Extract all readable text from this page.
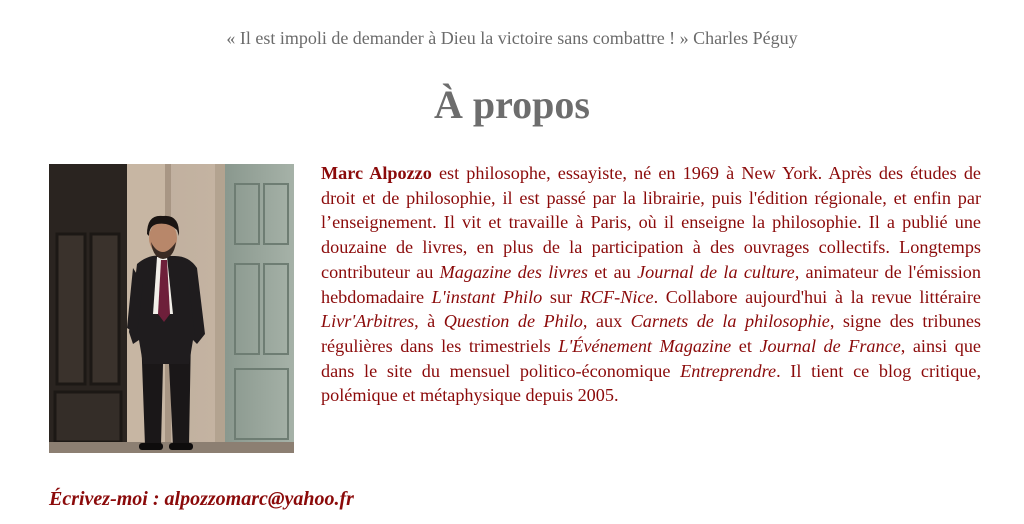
« Il est impoli de demander à Dieu la victoire sans combattre ! » Charles Péguy
À propos

Marc Alpozzo est philosophe, essayiste, né en 1969 à New York. Après des études de droit et de philosophie, il est passé par la librairie, puis l'édition régionale, et enfin par l’enseignement. Il vit et travaille à Paris, où il enseigne la philosophie. Il a publié une douzaine de livres, en plus de la participation à des ouvrages collectifs. Longtemps contributeur au Magazine des livres et au Journal de la culture, animateur de l'émission hebdomadaire L'instant Philo sur RCF-Nice. Collabore aujourd'hui à la revue littéraire Livr'Arbitres, à Question de Philo, aux Carnets de la philosophie, signe des tribunes régulières dans les trimestriels L'Événement Magazine et Journal de France, ainsi que dans le site du mensuel politico-économique Entreprendre. Il tient ce blog critique, polémique et métaphysique depuis 2005.

Écrivez-moi : alpozzomarc@yahoo.fr
